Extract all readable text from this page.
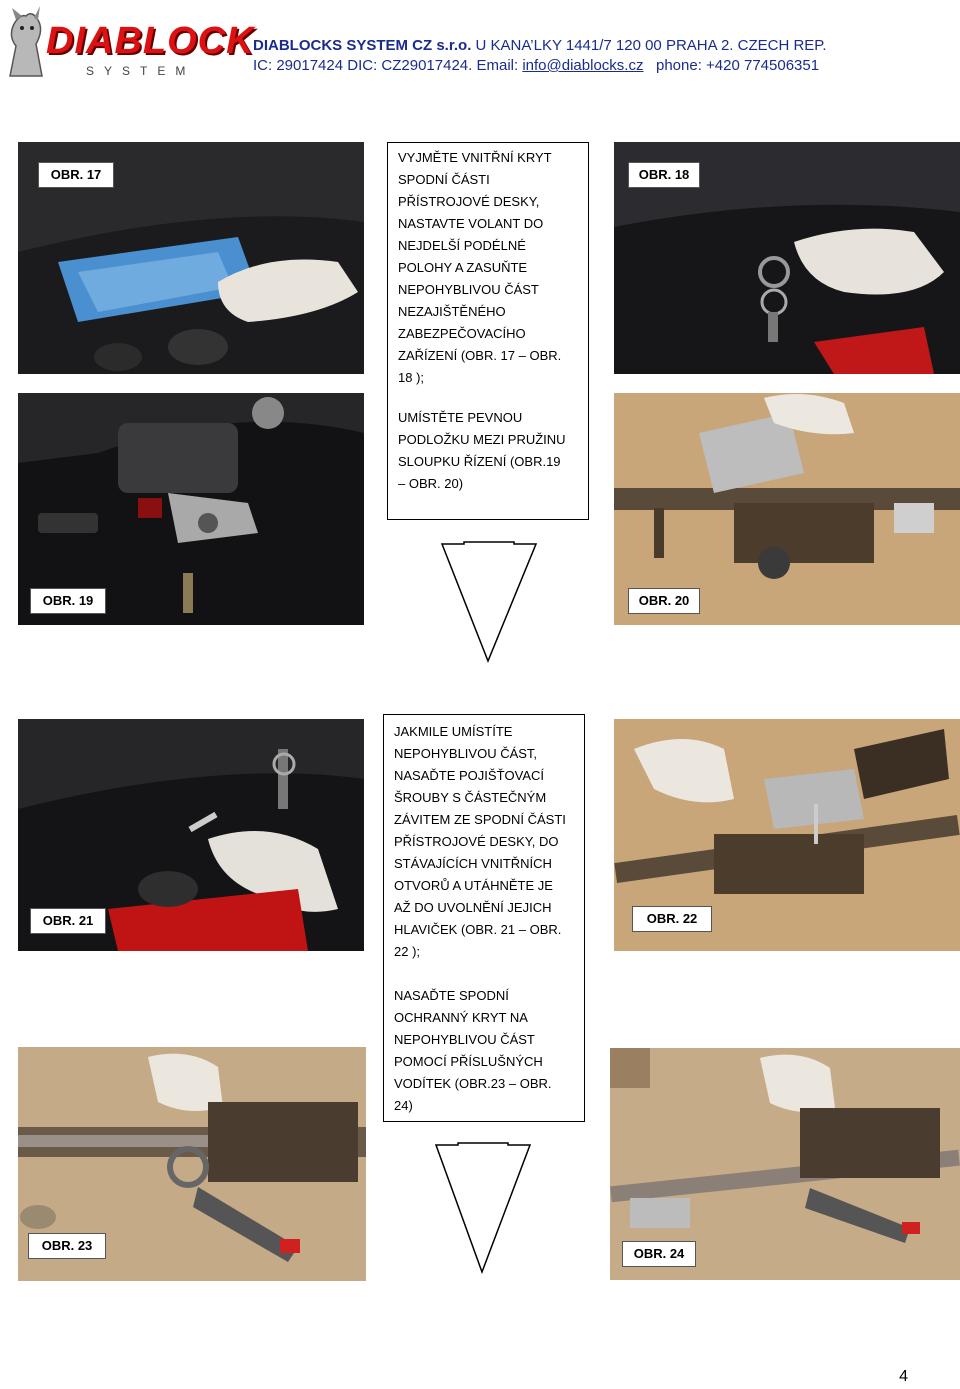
DIABLOCK
SYSTEM
DIABLOCKS SYSTEM CZ s.r.o. U KANA’LKY 1441/7 120 00 PRAHA 2. CZECH REP.
IC: 29017424 DIC: CZ29017424. Email: info@diablocks.cz phone: +420 774506351
OBR. 17	OBR. 18
OBR. 19	OBR. 20

VYJMĚTE VNITŘNÍ KRYT

SPODNÍ ČÁSTI

PŘÍSTROJOVÉ DESKY,

NASTAVTE VOLANT DO

NEJDELŠÍ PODÉLNÉ

POLOHY A ZASUŇTE

NEPOHYBLIVOU ČÁST

NEZAJIŠTĚNÉHO

ZABEZPEČOVACÍHO

ZAŘÍZENÍ (OBR. 17 – OBR.

18 );

UMÍSTĚTE PEVNOU

PODLOŽKU MEZI PRUŽINU

SLOUPKU ŘÍZENÍ (OBR.19

– OBR. 20)

OBR. 21	OBR. 22

JAKMILE UMÍSTÍTE

NEPOHYBLIVOU ČÁST,

NASAĎTE POJIŠŤOVACÍ

ŠROUBY S ČÁSTEČNÝM

ZÁVITEM ZE SPODNÍ ČÁSTI

PŘÍSTROJOVÉ DESKY, DO

STÁVAJÍCÍCH VNITŘNÍCH

OTVORŮ A UTÁHNĚTE JE

AŽ DO UVOLNĚNÍ JEJICH

HLAVIČEK (OBR. 21 – OBR.

22 );

NASAĎTE SPODNÍ

OCHRANNÝ KRYT NA

NEPOHYBLIVOU ČÁST

POMOCÍ PŘÍSLUŠNÝCH

VODÍTEK (OBR.23 – OBR.

24)

OBR. 23
OBR. 24
4
